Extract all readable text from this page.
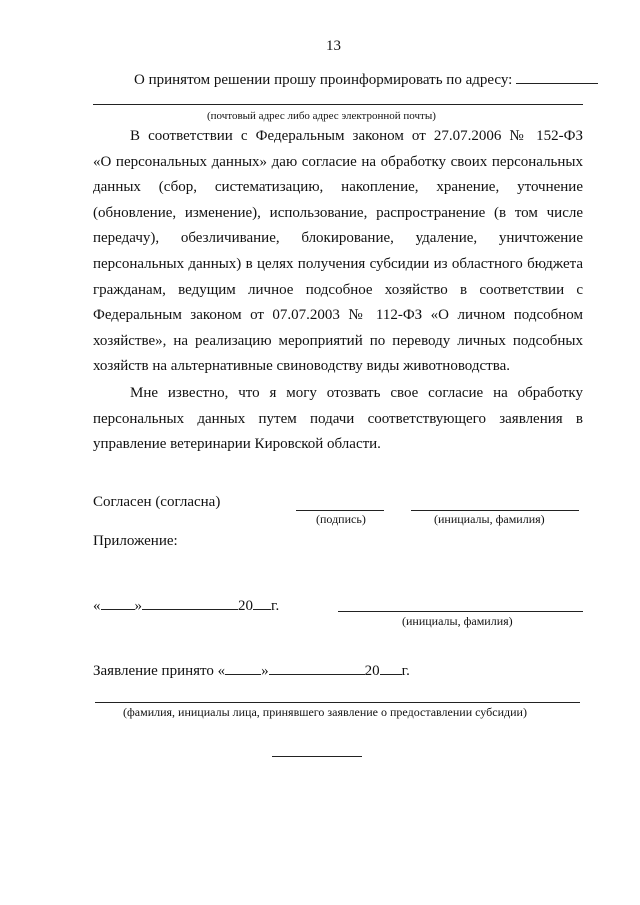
13
О принятом решении прошу проинформировать по адресу:
(почтовый адрес либо адрес электронной почты)
В соответствии с Федеральным законом от 27.07.2006 № 152-ФЗ
«О персональных данных» даю согласие на обработку своих персональных
данных (сбор, систематизацию, накопление, хранение, уточнение
(обновление, изменение), использование, распространение (в том числе
передачу), обезличивание, блокирование, удаление, уничтожение
персональных данных) в целях получения субсидии из областного бюджета
гражданам, ведущим личное подсобное хозяйство в соответствии с
Федеральным законом от 07.07.2003 № 112-ФЗ «О личном подсобном
хозяйстве», на реализацию мероприятий по переводу личных подсобных
хозяйств на альтернативные свиноводству виды животноводства.
Мне известно, что я могу отозвать свое согласие на обработку
персональных данных путем подачи соответствующего заявления в
управление ветеринарии Кировской области.
Согласен (согласна)
(подпись)	(инициалы, фамилия)
Приложение:
« »	20 г.
(инициалы, фамилия)
Заявление принято « »	20 г.
(фамилия, инициалы лица, принявшего заявление о предоставлении субсидии)
